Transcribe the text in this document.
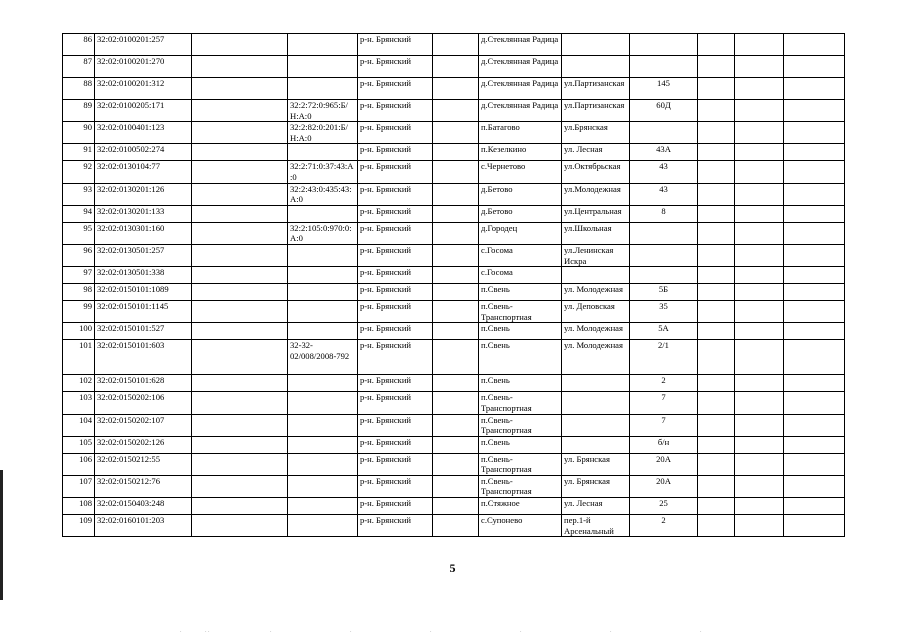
86	32:02:0100201:257			р-н. Брянский		д.Стеклянная Радица					
87	32:02:0100201:270			р-н. Брянский		д.Стеклянная Радица					
88	32:02:0100201:312			р-н. Брянский		д.Стеклянная Радица	ул.Партизанская	145			
89	32:02:0100205:171		32:2:72:0:965:Б/Н:А:0	р-н. Брянский		д.Стеклянная Радица	ул.Партизанская	60Д			
90	32:02:0100401:123		32:2:82:0:201:Б/Н:А:0	р-н. Брянский		п.Батагово	ул.Брянская				
91	32:02:0100502:274			р-н. Брянский		п.Кезелкино	ул. Лесная	43А			
92	32:02:0130104:77		32:2:71:0:37:43:А:0	р-н. Брянский		с.Чернетово	ул.Октябрьская	43			
93	32:02:0130201:126		32:2:43:0:435:43:А:0	р-н. Брянский		д.Бетово	ул.Молодежная	43			
94	32:02:0130201:133			р-н. Брянский		д.Бетово	ул.Центральная	8			
95	32:02:0130301:160		32:2:105:0:970:0:А:0	р-н. Брянский		д.Городец	ул.Школьная				
96	32:02:0130501:257			р-н. Брянский		с.Госома	ул.Ленинская Искра				
97	32:02:0130501:338			р-н. Брянский		с.Госома					
98	32:02:0150101:1089			р-н. Брянский		п.Свень	ул. Молодежная	5Б			
99	32:02:0150101:1145			р-н. Брянский		п.Свень-Транспортная	ул. Деповская	35			
100	32:02:0150101:527			р-н. Брянский		п.Свень	ул. Молодежная	5А			
101	32:02:0150101:603		32-32-02/008/2008-792	р-н. Брянский		п.Свень	ул. Молодежная	2/1			
102	32:02:0150101:628			р-н. Брянский		п.Свень		2			
103	32:02:0150202:106			р-н. Брянский		п.Свень-Транспортная		7			
104	32:02:0150202:107			р-н. Брянский		п.Свень-Транспортная		7			
105	32:02:0150202:126			р-н. Брянский		п.Свень		б/н			
106	32:02:0150212:55			р-н. Брянский		п.Свень-Транспортная	ул. Брянская	20А			
107	32:02:0150212:76			р-н. Брянский		п.Свень-Транспортная	ул. Брянская	20А			
108	32:02:0150403:248			р-н. Брянский		п.Стяжное	ул. Лесная	25			
109	32:02:0160101:203			р-н. Брянский		с.Супонево	пер.1-й Арсенальный	2			
5
.	. .	.	.	.	.	.	.
